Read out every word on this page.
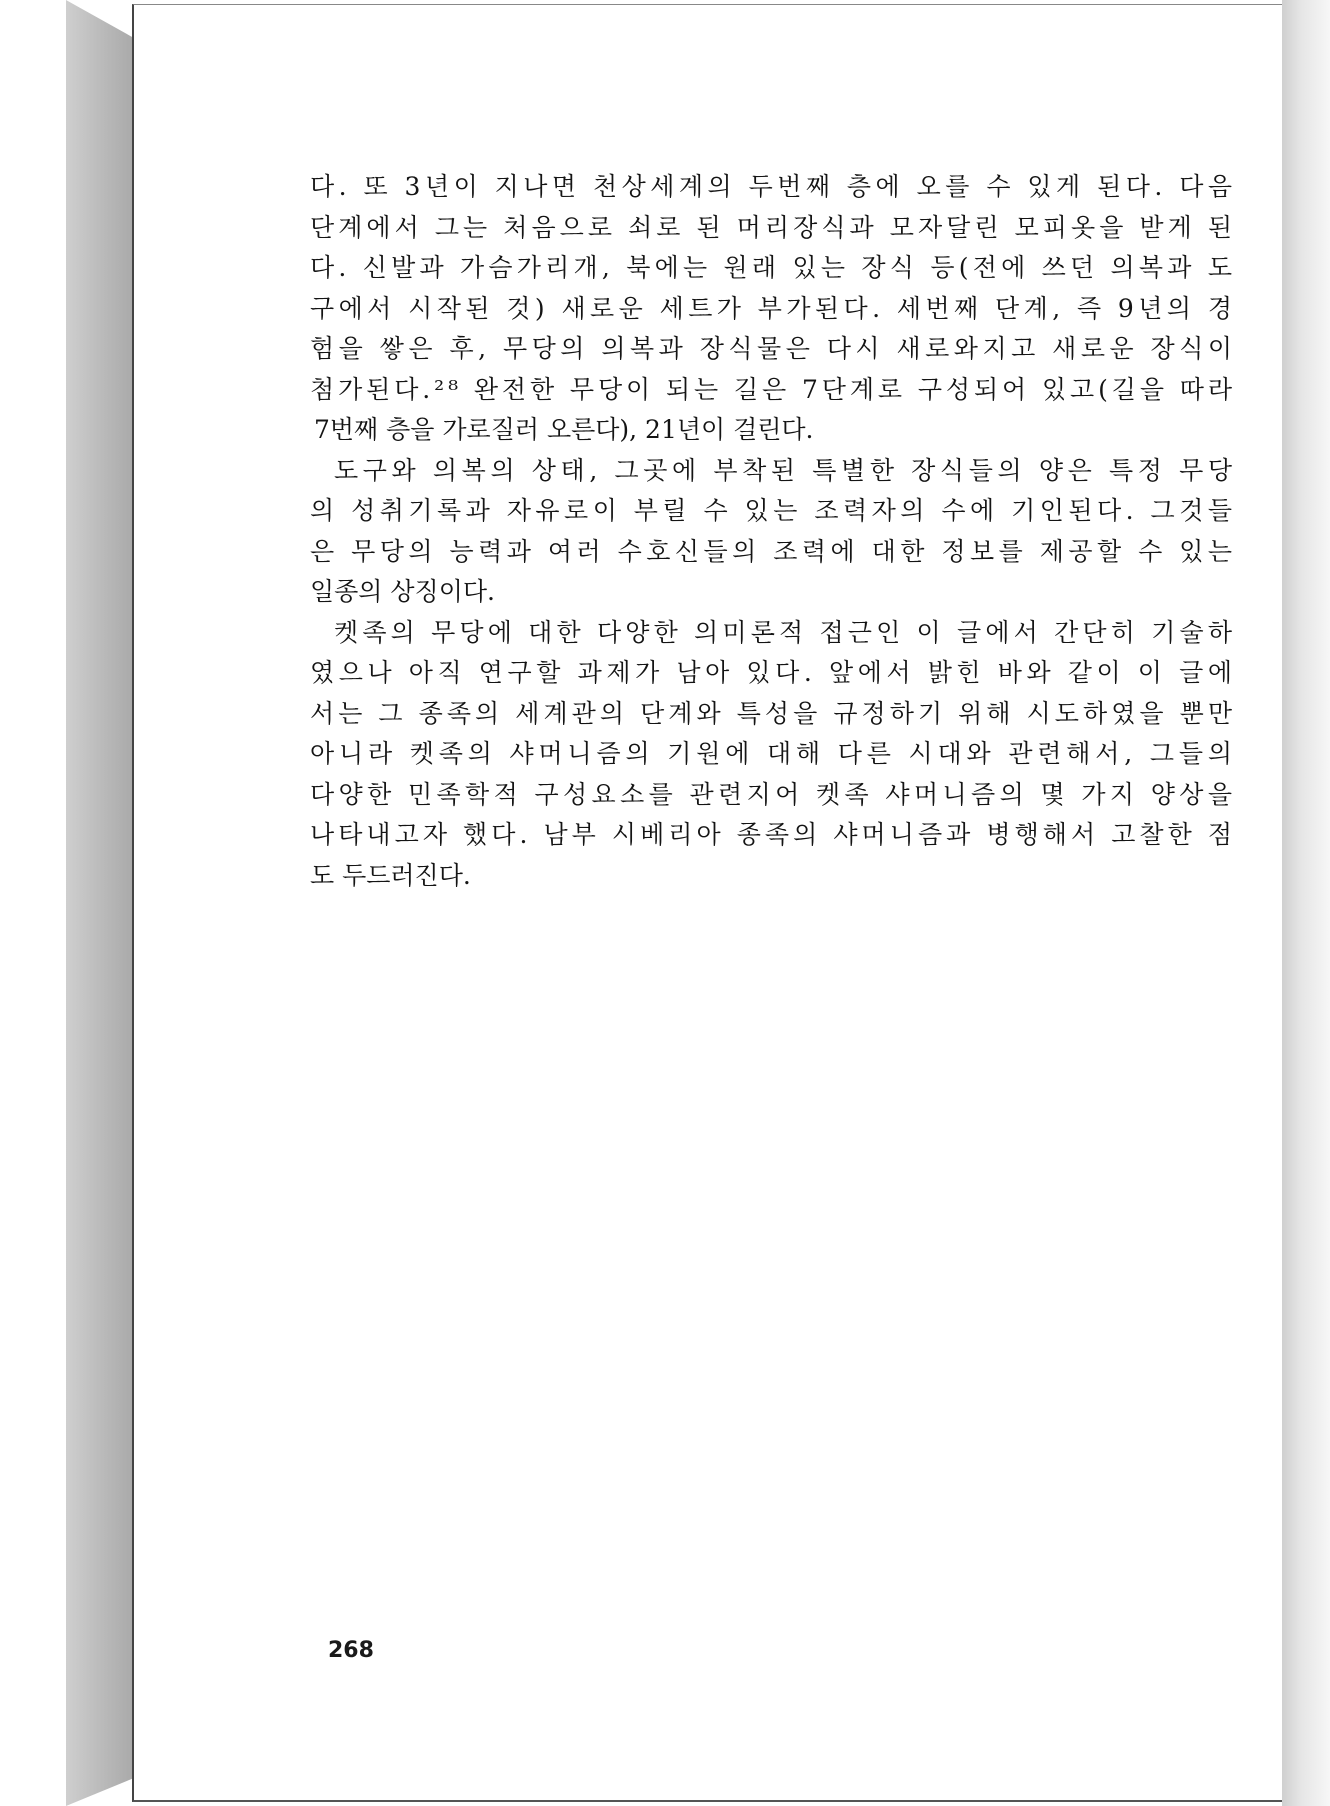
다. 또 3년이 지나면 천상세계의 두번째 층에 오를 수 있게 된다. 다음
단계에서 그는 처음으로 쇠로 된 머리장식과 모자달린 모피옷을 받게 된
다. 신발과 가슴가리개, 북에는 원래 있는 장식 등(전에 쓰던 의복과 도
구에서 시작된 것) 새로운 세트가 부가된다. 세번째 단계, 즉 9년의 경
험을 쌓은 후, 무당의 의복과 장식물은 다시 새로와지고 새로운 장식이
첨가된다.²⁸ 완전한 무당이 되는 길은 7단계로 구성되어 있고(길을 따라
7번째 층을 가로질러 오른다), 21년이 걸린다.
도구와 의복의 상태, 그곳에 부착된 특별한 장식들의 양은 특정 무당
의 성취기록과 자유로이 부릴 수 있는 조력자의 수에 기인된다. 그것들
은 무당의 능력과 여러 수호신들의 조력에 대한 정보를 제공할 수 있는
일종의 상징이다.
켓족의 무당에 대한 다양한 의미론적 접근인 이 글에서 간단히 기술하
였으나 아직 연구할 과제가 남아 있다. 앞에서 밝힌 바와 같이 이 글에
서는 그 종족의 세계관의 단계와 특성을 규정하기 위해 시도하였을 뿐만
아니라 켓족의 샤머니즘의 기원에 대해 다른 시대와 관련해서, 그들의
다양한 민족학적 구성요소를 관련지어 켓족 샤머니즘의 몇 가지 양상을
나타내고자 했다. 남부 시베리아 종족의 샤머니즘과 병행해서 고찰한 점
도 두드러진다.
268
